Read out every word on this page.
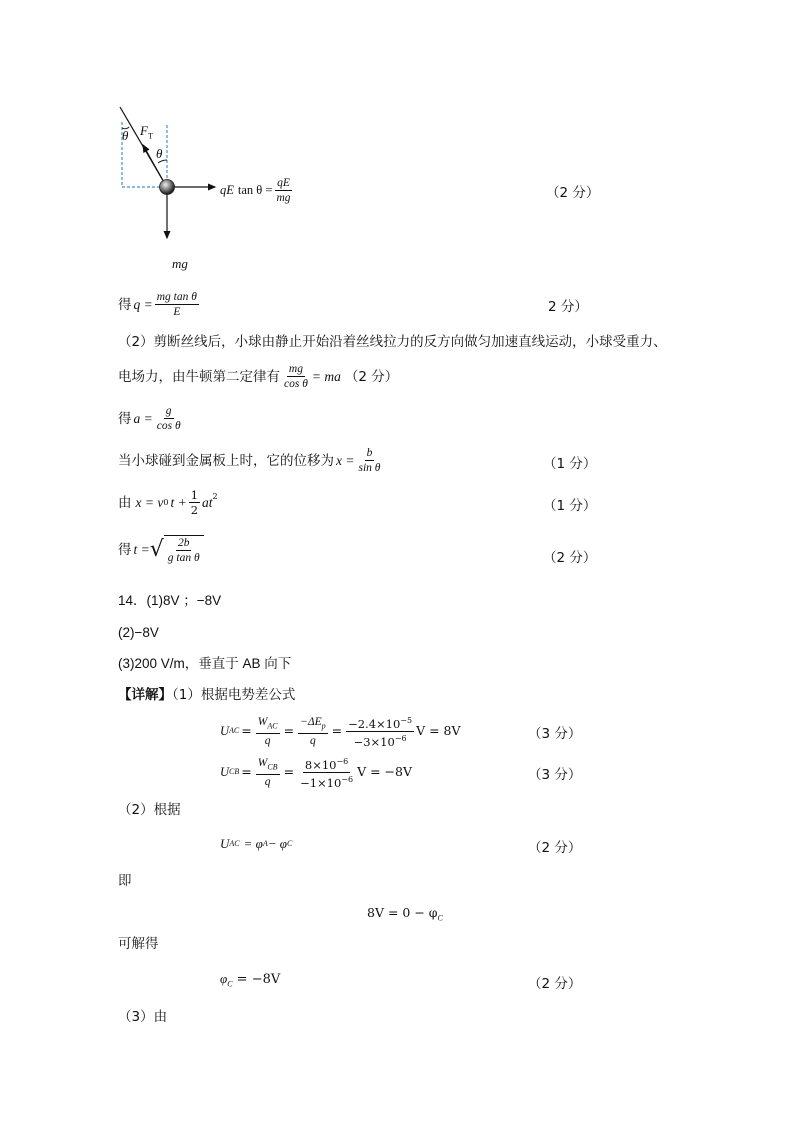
θ $F_T$
θ
mg
qE
$\tan \theta = \frac{qE}{mg}$	（2 分）
得 $q = \frac{\text{mg tan θ}}{E}$	2 分）
（2）剪断丝线后，小球由静止开始沿着丝线拉力的反方向做匀加速直线运动，小球受重力、
电场力，由牛顿第二定律有 $\frac{mg}{\text{cos θ}}$ = ma （2 分）
得 $a = \frac{g}{\text{cos θ}}$
当小球碰到金属板上时，它的位移为 $x = \frac{b}{\text{sin θ}}$	（1 分）
由 x = v 0 $t + \frac{1}{2} at^2$
（1 分）
得 t = √ $\frac{2b}{\text{g tan θ}}$	（2 分）
14．(1)8V ；−8V
(2)−8V
(3)200 V/m，垂直于 AB 向下
【详解】（1）根据电势差公式
U AC = $\frac{W_{AC}}{q} = \frac{-\Delta E_p}{q} = \frac{-2.4\times 10^{-5}}{-3\times 10^{-6}}$ V = 8V	（3 分）
U CB = $\frac{W_{CB}}{q} = \frac{8\times 10^{-6}}{-1\times 10^{-6}}$ V = −8V	（3 分）
（2）根据
U AC = φ A − φ C	（2 分）
即
$8V = 0 - \varphi_C$
可解得
$\varphi_C = -8V$	（2 分）
（3）由
